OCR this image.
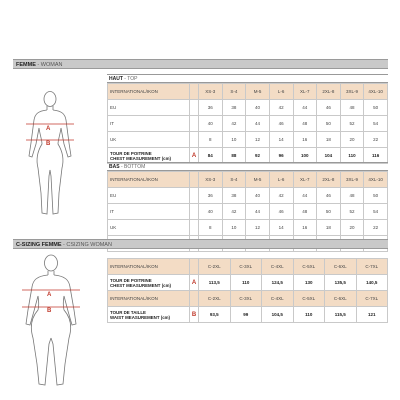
FEMME - WOMAN
A
B
HAUT - TOP
INTERNATIONAL/IKON		XS-3	S-4	M-5	L-6	XL-7	2XL-8	3XL-9	4XL-10
EU		36	38	40	42	44	46	48	50
IT		40	42	44	46	48	50	52	54
UK		8	10	12	14	16	18	20	22

TOUR DE POITRINE
CHEST MEASUREMENT (cm)	A	84	88	92	96	100	104	110	116
BAS - BOTTOM
INTERNATIONAL/IKON		XS-3	S-4	M-5	L-6	XL-7	2XL-8	3XL-9	4XL-10
EU		36	38	40	42	44	46	48	50
IT		40	42	44	46	48	50	52	54
UK		8	10	12	14	16	18	20	22

C-SIZING FEMME - CSIZING WOMAN
A
B
INTERNATIONAL/IKON		C-2XL	C-3XL	C-4XL	C-5XL	C-6XL	C-7XL

TOUR DE POITRINE
CHEST MEASUREMENT (cm)	A	113,5	110	124,5	130	135,5	140,5
INTERNATIONAL/IKON		C-2XL	C-3XL	C-4XL	C-5XL	C-6XL	C-7XL

TOUR DE TAILLE
WAIST MEASUREMENT (cm)	B	93,5	99	104,5	110	115,5	121
